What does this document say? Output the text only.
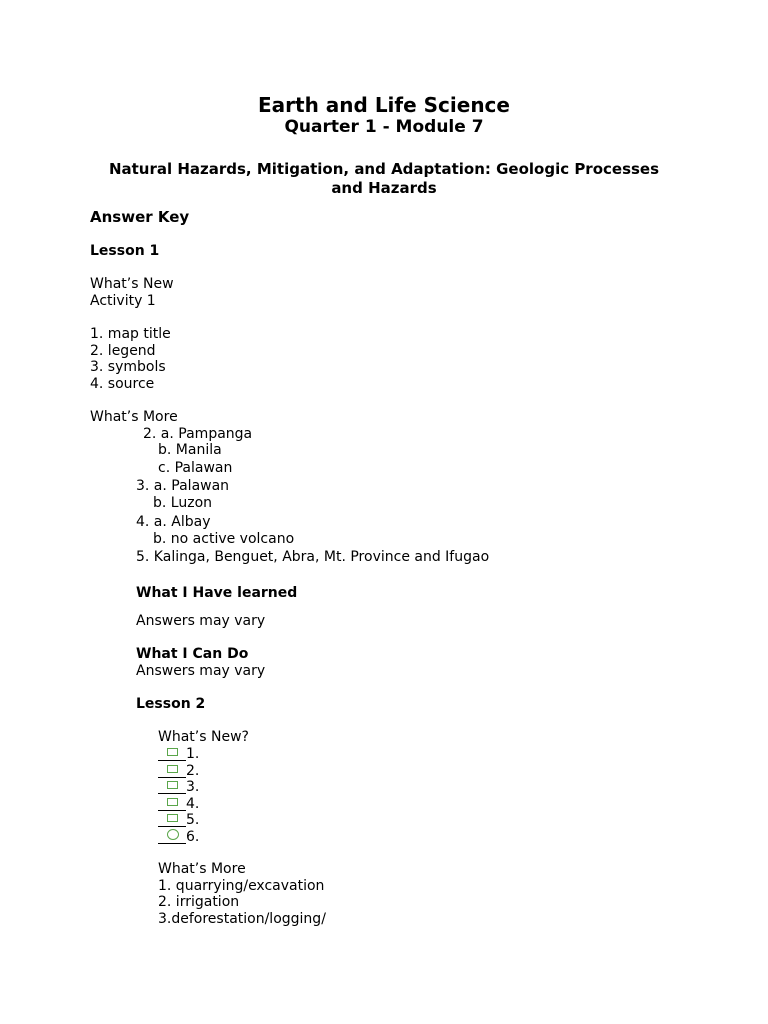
Earth and Life Science
Quarter 1 - Module 7
Natural Hazards, Mitigation, and Adaptation: Geologic Processes
and Hazards
Answer Key
Lesson 1
What’s New
Activity 1
1. map title
2. legend
3. symbols
4. source
What’s More
2. a. Pampanga
b. Manila
c. Palawan
3. a. Palawan
b. Luzon
4. a. Albay
b. no active volcano
5. Kalinga, Benguet, Abra, Mt. Province and Ifugao
What I Have learned
Answers may vary
What I Can Do
Answers may vary
Lesson 2
What’s New?
1.
2.
3.
4.
5.
6.
What’s More
1. quarrying/excavation
2. irrigation
3.deforestation/logging/
